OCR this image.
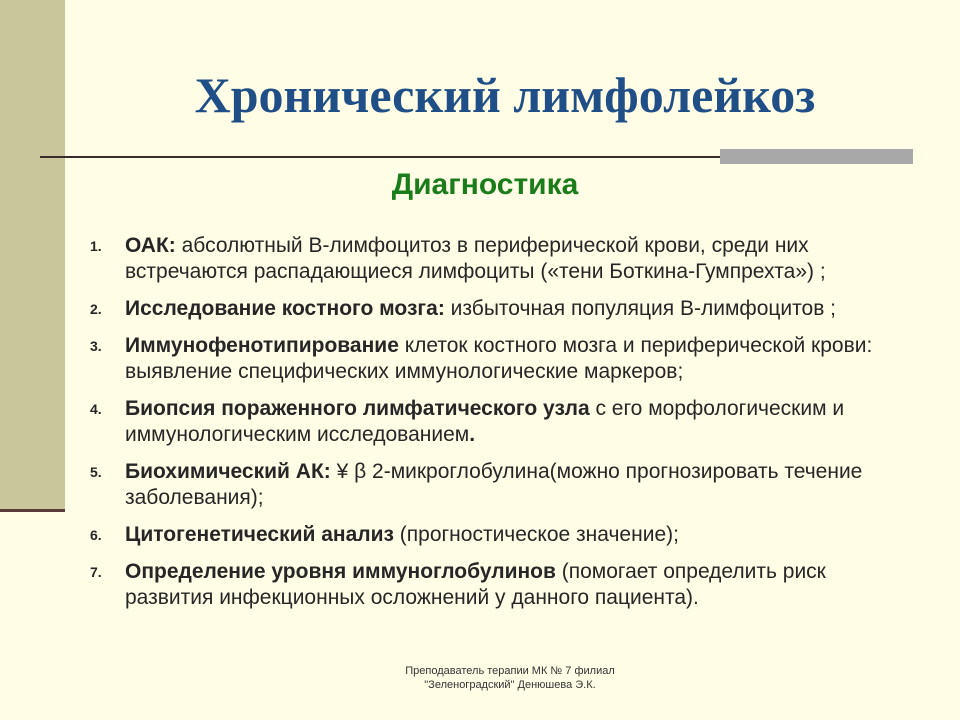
Хронический лимфолейкоз
Диагностика
1. ОАК: абсолютный В-лимфоцитоз в периферической крови, среди них встречаются распадающиеся лимфоциты («тени Боткина-Гумпрехта») ;
2. Исследование костного мозга: избыточная популяция В-лимфоцитов ;
3. Иммунофенотипирование клеток костного мозга и периферической крови: выявление специфических иммунологические маркеров;
4. Биопсия пораженного лимфатического узла с его морфологическим и иммунологическим исследованием.
5. Биохимический АК: ¥ β 2-микроглобулина(можно прогнозировать течение заболевания);
6. Цитогенетический анализ (прогностическое значение);
7. Определение уровня иммуноглобулинов (помогает определить риск развития инфекционных осложнений у данного пациента).
Преподаватель терапии МК № 7 филиал
"Зеленоградский" Денюшева Э.К.
